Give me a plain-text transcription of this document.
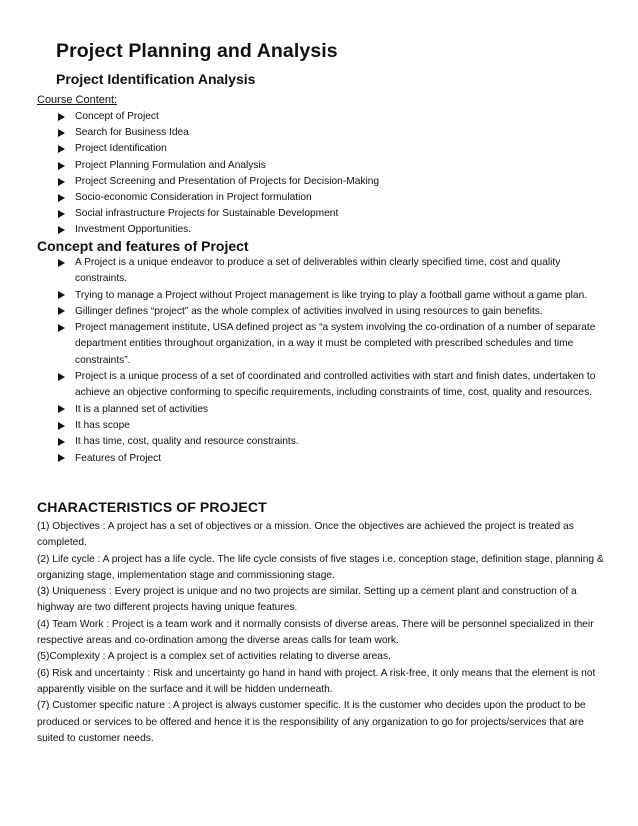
Project Planning and Analysis
Project Identification Analysis
Course Content:
Concept of Project
Search for Business Idea
Project Identification
Project Planning Formulation and Analysis
Project Screening and Presentation of Projects for Decision-Making
Socio-economic Consideration in Project formulation
Social infrastructure Projects for Sustainable Development
Investment Opportunities.
Concept and features of Project
A Project is a unique endeavor to produce a set of deliverables within clearly specified time, cost and quality constraints.
Trying to manage a Project without Project management is like trying to play a football game without a game plan.
Gillinger defines “project” as the whole complex of activities involved in using resources to gain benefits.
Project management institute, USA defined project as “a system involving the co-ordination of a number of separate department entities throughout organization, in a way it must be completed with prescribed schedules and time constraints”.
Project is a unique process of a set of coordinated and controlled activities with start and finish dates, undertaken to achieve an objective conforming to specific requirements, including constraints of time, cost, quality and resources.
It is a planned set of activities
It has scope
It has time, cost, quality and resource constraints.
Features of Project
CHARACTERISTICS OF PROJECT

(1) Objectives : A project has a set of objectives or a mission. Once the objectives are achieved the project is treated as completed.

(2) Life cycle : A project has a life cycle. The life cycle consists of five stages i.e. conception stage, definition stage, planning & organizing stage, implementation stage and commissioning stage.

(3) Uniqueness : Every project is unique and no two projects are similar. Setting up a cement plant and construction of a highway are two different projects having unique features.

(4) Team Work : Project is a team work and it normally consists of diverse areas. There will be personnel specialized in their respective areas and co-ordination among the diverse areas calls for team work.

(5)Complexity : A project is a complex set of activities relating to diverse areas.

(6) Risk and uncertainty : Risk and uncertainty go hand in hand with project. A risk-free, it only means that the element is not apparently visible on the surface and it will be hidden underneath.

(7) Customer specific nature : A project is always customer specific. It is the customer who decides upon the product to be produced or services to be offered and hence it is the responsibility of any organization to go for projects/services that are suited to customer needs.
